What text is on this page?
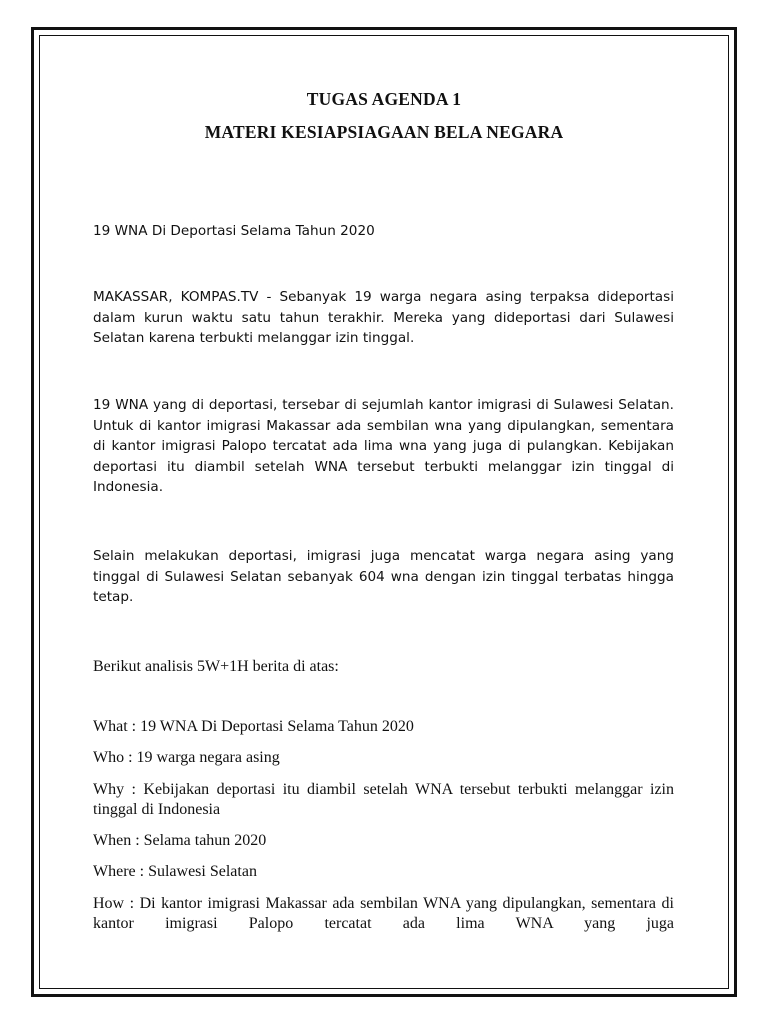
TUGAS AGENDA 1
MATERI KESIAPSIAGAAN BELA NEGARA

19 WNA Di Deportasi Selama Tahun 2020

MAKASSAR, KOMPAS.TV - Sebanyak 19 warga negara asing terpaksa dideportasi dalam kurun waktu satu tahun terakhir. Mereka yang dideportasi dari Sulawesi Selatan karena terbukti melanggar izin tinggal.

19 WNA yang di deportasi, tersebar di sejumlah kantor imigrasi di Sulawesi Selatan. Untuk di kantor imigrasi Makassar ada sembilan wna yang dipulangkan, sementara di kantor imigrasi Palopo tercatat ada lima wna yang juga di pulangkan. Kebijakan deportasi itu diambil setelah WNA tersebut terbukti melanggar izin tinggal di Indonesia.

Selain melakukan deportasi, imigrasi juga mencatat warga negara asing yang tinggal di Sulawesi Selatan sebanyak 604 wna dengan izin tinggal terbatas hingga tetap.

Berikut analisis 5W+1H berita di atas:

What : 19 WNA Di Deportasi Selama Tahun 2020

Who : 19 warga negara asing

Why : Kebijakan deportasi itu diambil setelah WNA tersebut terbukti melanggar izin tinggal di Indonesia

When : Selama tahun 2020

Where : Sulawesi Selatan

How : Di kantor imigrasi Makassar ada sembilan WNA yang dipulangkan, sementara di kantor imigrasi Palopo tercatat ada lima WNA yang juga
